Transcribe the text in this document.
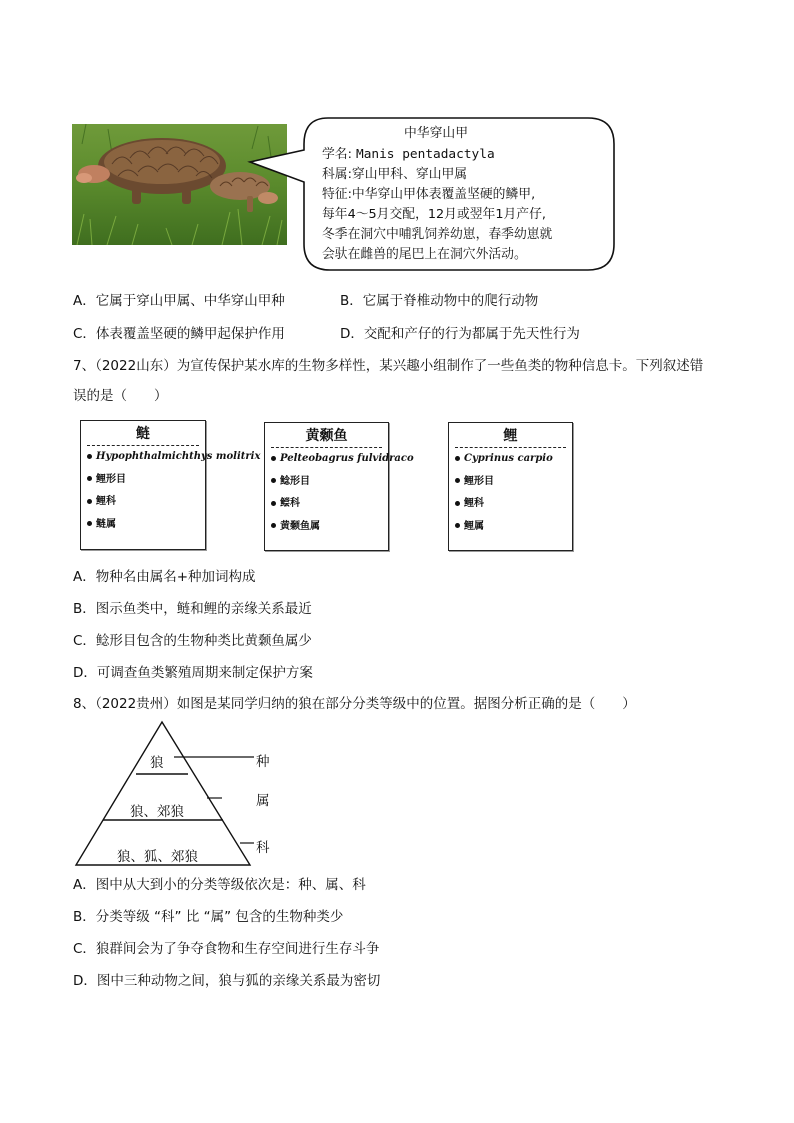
中华穿山甲
学名: Manis pentadactyla
科属:穿山甲科、穿山甲属
特征:中华穿山甲体表覆盖坚硬的鳞甲,
每年4～5月交配，12月或翌年1月产仔,
冬季在洞穴中哺乳饲养幼崽，春季幼崽就
会驮在雌兽的尾巴上在洞穴外活动。
A．它属于穿山甲属、中华穿山甲种	B．它属于脊椎动物中的爬行动物
C．体表覆盖坚硬的鳞甲起保护作用	D．交配和产仔的行为都属于先天性行为
7、（2022山东）为宣传保护某水库的生物多样性，某兴趣小组制作了一些鱼类的物种信息卡。下列叙述错
误的是（　　）
鲢
Hypophthalmichthys molitrix
鲤形目
鲤科
鲢属
黄颡鱼
Pelteobagrus fulvidraco
鲶形目
鲿科
黄颡鱼属
鲤
Cyprinus carpio
鲤形目
鲤科
鲤属
A．物种名由属名+种加词构成
B．图示鱼类中，鲢和鲤的亲缘关系最近
C．鲶形目包含的生物种类比黄颡鱼属少
D．可调查鱼类繁殖周期来制定保护方案
8、（2022贵州）如图是某同学归纳的狼在部分分类等级中的位置。据图分析正确的是（　　）
狼
狼、郊狼
狼、狐、郊狼
种
属
科
A．图中从大到小的分类等级依次是：种、属、科
B．分类等级 “科” 比 “属” 包含的生物种类少
C．狼群间会为了争夺食物和生存空间进行生存斗争
D．图中三种动物之间，狼与狐的亲缘关系最为密切
